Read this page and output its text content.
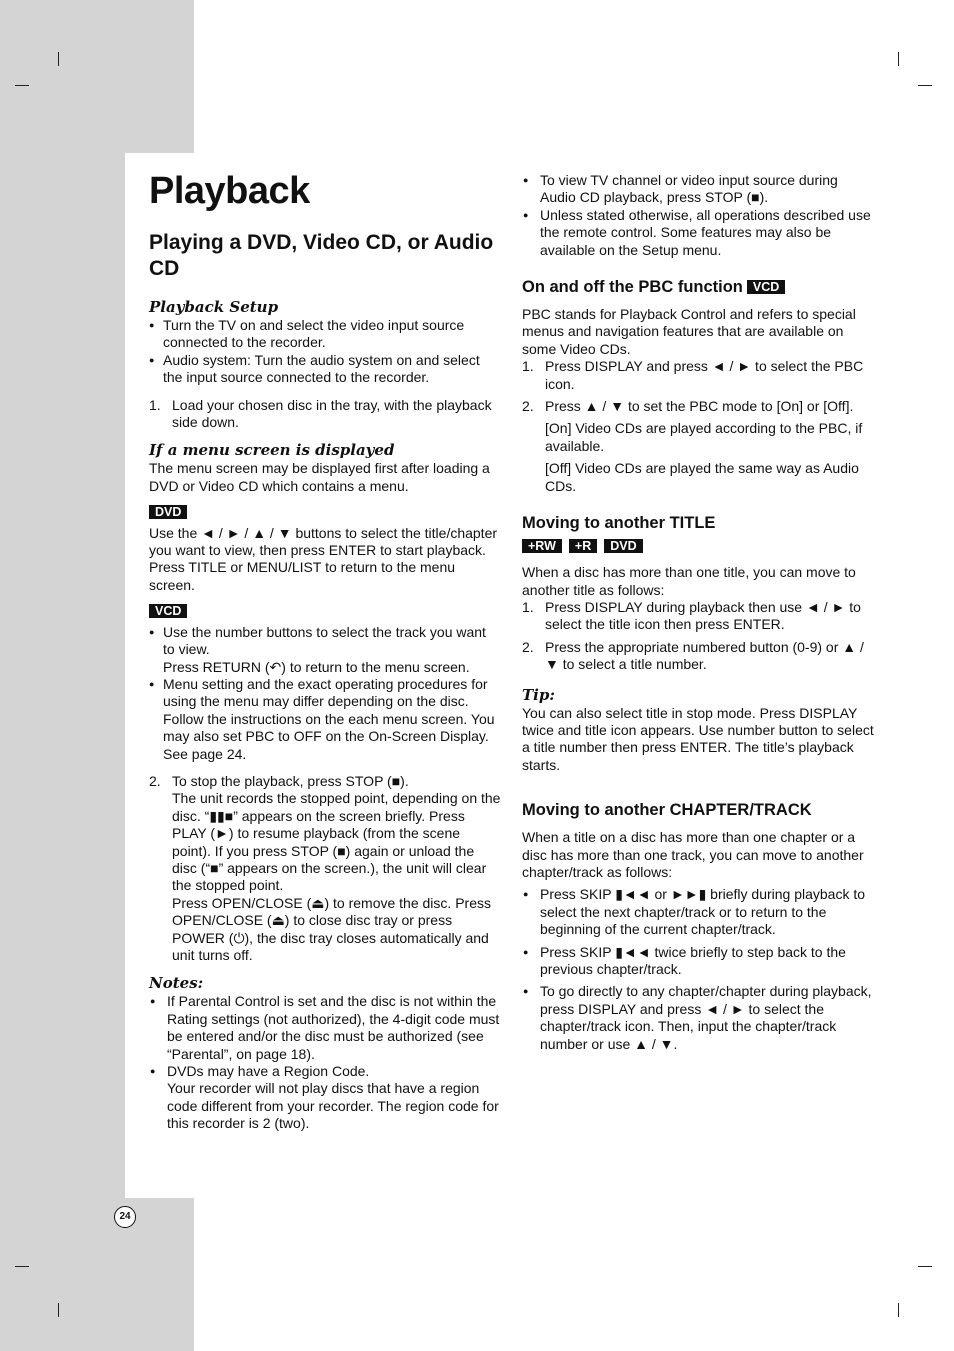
Playback
Playing a DVD, Video CD, or Audio CD
Playback Setup
● Turn the TV on and select the video input source connected to the recorder.
● Audio system: Turn the audio system on and select the input source connected to the recorder.
1. Load your chosen disc in the tray, with the playback side down.
If a menu screen is displayed

The menu screen may be displayed first after loading a DVD or Video CD which contains a menu.

DVD

Use the ◄ / ► / ▲ / ▼ buttons to select the title/chapter you want to view, then press ENTER to start playback.

Press TITLE or MENU/LIST to return to the menu screen.

VCD
● Use the number buttons to select the track you want to view.
Press RETURN (↶) to return to the menu screen.
● Menu setting and the exact operating procedures for using the menu may differ depending on the disc. Follow the instructions on the each menu screen. You may also set PBC to OFF on the On-Screen Display. See page 24.
2. To stop the playback, press STOP (■).
The unit records the stopped point, depending on the disc. “▮▮■” appears on the screen briefly. Press PLAY (►) to resume playback (from the scene point). If you press STOP (■) again or unload the disc (“■” appears on the screen.), the unit will clear the stopped point.
Press OPEN/CLOSE (⏏) to remove the disc. Press OPEN/CLOSE (⏏) to close disc tray or press POWER (⏻), the disc tray closes automatically and unit turns off.
Notes:
● If Parental Control is set and the disc is not within the Rating settings (not authorized), the 4-digit code must be entered and/or the disc must be authorized (see “Parental”, on page 18).
● DVDs may have a Region Code.
Your recorder will not play discs that have a region code different from your recorder. The region code for this recorder is 2 (two).
● To view TV channel or video input source during Audio CD playback, press STOP (■).
● Unless stated otherwise, all operations described use the remote control. Some features may also be available on the Setup menu.
On and off the PBC function VCD

PBC stands for Playback Control and refers to special menus and navigation features that are available on some Video CDs.

1. Press DISPLAY and press ◄ / ► to select the PBC icon.
2. Press ▲ / ▼ to set the PBC mode to [On] or [Off].

[On] Video CDs are played according to the PBC, if available.

[Off] Video CDs are played the same way as Audio CDs.

Moving to another TITLE
+RW	+R	DVD

When a disc has more than one title, you can move to another title as follows:

1. Press DISPLAY during playback then use ◄ / ► to select the title icon then press ENTER.
2. Press the appropriate numbered button (0-9) or ▲ / ▼ to select a title number.
Tip:

You can also select title in stop mode. Press DISPLAY twice and title icon appears. Use number button to select a title number then press ENTER. The title’s playback starts.

Moving to another CHAPTER/TRACK

When a title on a disc has more than one chapter or a disc has more than one track, you can move to another chapter/track as follows:

● Press SKIP ▮◄◄ or ►►▮ briefly during playback to select the next chapter/track or to return to the beginning of the current chapter/track.
● Press SKIP ▮◄◄ twice briefly to step back to the previous chapter/track.
● To go directly to any chapter/chapter during playback, press DISPLAY and press ◄ / ► to select the chapter/track icon. Then, input the chapter/track number or use ▲ / ▼.
24
